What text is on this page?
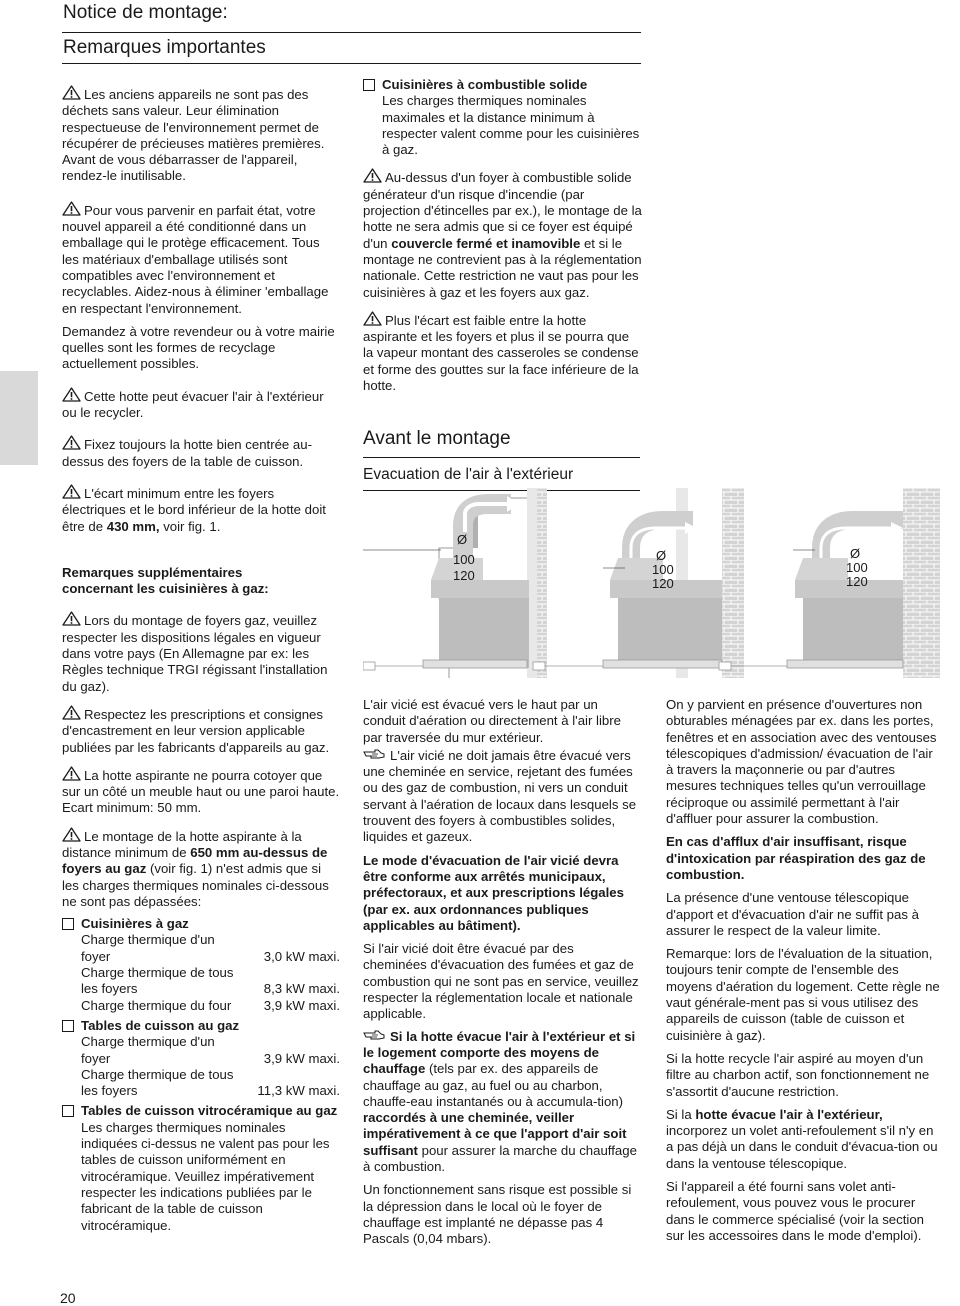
Notice de montage:
Remarques importantes

Les anciens appareils ne sont pas des déchets sans valeur. Leur élimination respectueuse de l'environnement permet de récupérer de précieuses matières premières. Avant de vous débarrasser de l'appareil, rendez-le inutilisable.

Pour vous parvenir en parfait état, votre nouvel appareil a été conditionné dans un emballage qui le protège efficacement. Tous les matériaux d'emballage utilisés sont compatibles avec l'environnement et recyclables. Aidez-nous à éliminer 'emballage en respectant l'environnement.

Demandez à votre revendeur ou à votre mairie quelles sont les formes de recyclage actuellement possibles.

Cette hotte peut évacuer l'air à l'extérieur ou le recycler.

Fixez toujours la hotte bien centrée au-dessus des foyers de la table de cuisson.

L'écart minimum entre les foyers électriques et le bord inférieur de la hotte doit être de 430 mm, voir fig. 1.

Remarques supplémentaires
concernant les cuisinières à gaz:

Lors du montage de foyers gaz, veuillez respecter les dispositions légales en vigueur dans votre pays (En Allemagne par ex: les Règles technique TRGI régissant l'installation du gaz).

Respectez les prescriptions et consignes d'encastrement en leur version applicable publiées par les fabricants d'appareils au gaz.

La hotte aspirante ne pourra cotoyer que sur un côté un meuble haut ou une paroi haute. Ecart minimum: 50 mm.

Le montage de la hotte aspirante à la distance minimum de 650 mm au-dessus de foyers au gaz (voir fig. 1) n'est admis que si les charges thermiques nominales ci-dessous ne sont pas dépassées:

Cuisinières à gaz
Charge thermique d'un
foyer	3,0 kW maxi.
Charge thermique de tous
les foyers	8,3 kW maxi.
Charge thermique du four 3,9 kW maxi.
Tables de cuisson au gaz
Charge thermique d'un
foyer	3,9 kW maxi.
Charge thermique de tous
les foyers	11,3 kW maxi.
Tables de cuisson vitrocéramique au gaz
Les charges thermiques nominales indiquées ci-dessus ne valent pas pour les tables de cuisson uniformément en vitrocéramique. Veuillez impérativement respecter les indications publiées par le fabricant de la table de cuisson vitrocéramique.
20
Cuisinières à combustible solide
Les charges thermiques nominales maximales et la distance minimum à respecter valent comme pour les cuisinières à gaz.

Au-dessus d'un foyer à combustible solide générateur d'un risque d'incendie (par projection d'étincelles par ex.), le montage de la hotte ne sera admis que si ce foyer est équipé d'un couvercle fermé et inamovible et si le montage ne contrevient pas à la réglementation nationale. Cette restriction ne vaut pas pour les cuisinières à gaz et les foyers aux gaz.

Plus l'écart est faible entre la hotte aspirante et les foyers et plus il se pourra que la vapeur montant des casseroles se condense et forme des gouttes sur la face inférieure de la hotte.

Avant le montage
Evacuation de l'air à l'extérieur
Ø
100
120
Ø
100
120
Ø
100
120

L'air vicié est évacué vers le haut par un conduit d'aération ou directement à l'air libre par traversée du mur extérieur.

L'air vicié ne doit jamais être évacué vers une cheminée en service, rejetant des fumées ou des gaz de combustion, ni vers un conduit servant à l'aération de locaux dans lesquels se trouvent des foyers à combustibles solides, liquides et gazeux.

Le mode d'évacuation de l'air vicié devra être conforme aux arrêtés municipaux, préfectoraux, et aux prescriptions légales (par ex. aux ordonnances publiques applicables au bâtiment).

Si l'air vicié doit être évacué par des cheminées d'évacuation des fumées et gaz de combustion qui ne sont pas en service, veuillez respecter la réglementation locale et nationale applicable.

Si la hotte évacue l'air à l'extérieur et si le logement comporte des moyens de chauffage (tels par ex. des appareils de chauffage au gaz, au fuel ou au charbon, chauffe-eau instantanés ou à accumula-tion) raccordés à une cheminée, veiller impérativement à ce que l'apport d'air soit suffisant pour assurer la marche du chauffage à combustion.

Un fonctionnement sans risque est possible si la dépression dans le local où le foyer de chauffage est implanté ne dépasse pas 4 Pascals (0,04 mbars).

On y parvient en présence d'ouvertures non obturables ménagées par ex. dans les portes, fenêtres et en association avec des ventouses télescopiques d'admission/ évacuation de l'air à travers la maçonnerie ou par d'autres mesures techniques telles qu'un verrouillage réciproque ou assimilé permettant à l'air d'affluer pour assurer la combustion.

En cas d'afflux d'air insuffisant, risque d'intoxication par réaspiration des gaz de combustion.

La présence d'une ventouse télescopique d'apport et d'évacuation d'air ne suffit pas à assurer le respect de la valeur limite.

Remarque: lors de l'évaluation de la situation, toujours tenir compte de l'ensemble des moyens d'aération du logement. Cette règle ne vaut générale-ment pas si vous utilisez des appareils de cuisson (table de cuisson et cuisinière à gaz).

Si la hotte recycle l'air aspiré au moyen d'un filtre au charbon actif, son fonctionnement ne s'assortit d'aucune restriction.

Si la hotte évacue l'air à l'extérieur, incorporez un volet anti-refoulement s'il n'y en a pas déjà un dans le conduit d'évacua-tion ou dans la ventouse télescopique.

Si l'appareil a été fourni sans volet anti-refoulement, vous pouvez vous le procurer dans le commerce spécialisé (voir la section sur les accessoires dans le mode d'emploi).
